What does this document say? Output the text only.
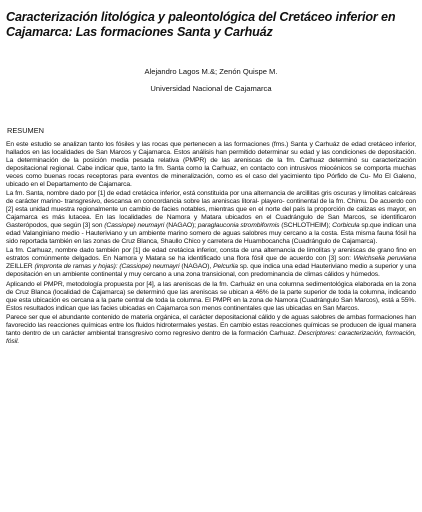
Caracterización litológica y paleontológica del Cretáceo inferior en Cajamarca: Las formaciones Santa y Carhuáz
Alejandro Lagos M.&; Zenón Quispe M.
Universidad Nacional de Cajamarca
RESUMEN

En este estudio se analizan tanto los fósiles y las rocas que pertenecen a las formaciones (fms.) Santa y Carhuáz de edad cretáceo inferior, hallados en las localidades de San Marcos y Cajamarca. Estos análisis han permitido determinar su edad y las condiciones de depositación. La determinación de la posición media pesada relativa (PMPR) de las areniscas de la fm. Carhuaz determinó su caracterización depositacional regional. Cabe indicar que, tanto la fm. Santa como la Carhuaz, en contacto con intrusivos miocénicos se comporta muchas veces como buenas rocas receptoras para eventos de mineralización, como es el caso del yacimiento tipo Pórfido de Cu- Mo El Galeno, ubicado en el Departamento de Cajamarca.

La fm. Santa, nombre dado por [1] de edad cretácica inferior, está constituida por una alternancia de arcillitas gris oscuras y limolitas calcáreas de carácter marino- transgresivo, descansa en concordancia sobre las areniscas litoral- playero- continental de la fm. Chimu. De acuerdo con [2] esta unidad muestra regionalmente un cambio de facies notables, mientras que en el norte del país la proporción de calizas es mayor, en Cajamarca es más lutacea. En las localidades de Namora y Matara ubicados en el Cuadrángulo de San Marcos, se identificaron Gasterópodos, que según [3] son (Cassiope) neumayri (NAGAO); paraglauconia strombiformis (SCHLOTHEIM); Corbicula sp.que indican una edad Valanginiano medio - Hauteriviano y un ambiente marino somero de aguas salobres muy cercano a la costa. Esta misma fauna fósil ha sido reportada también en las zonas de Cruz Blanca, Shaullo Chico y carretera de Huambocancha (Cuadrángulo de Cajamarca).

La fm. Carhuaz, nombre dado también por [1] de edad cretácica inferior, consta de una alternancia de limolitas y areniscas de grano fino en estratos comúnmente delgados. En Namora y Matara se ha identificado una flora fósil que de acuerdo con [3] son: Weichselia peruviana ZEILLER (impronta de ramas y hojas): (Cassiope) neumayri (NAGAO), Pelcurlia sp. que indica una edad Hauteriviano medio a superior y una depositación en un ambiente continental y muy cercano a una zona transicional, con predominancia de climas cálidos y húmedos.

Aplicando el PMPR, metodología propuesta por [4], a las areniscas de la fm. Carhuáz en una columna sedimentológica elaborada en la zona de Cruz Blanca (localidad de Cajamarca) se determinó que las areniscas se ubican a 46% de la parte superior de toda la columna, indicando que esta ubicación es cercana a la parte central de toda la columna. El PMPR en la zona de Namora (Cuadrángulo San Marcos), está a 55%. Estos resultados indican que las facies ubicadas en Cajamarca son menos continentales que las ubicadas en San Marcos.

Parece ser que el abundante contenido de materia orgánica, el carácter depositacional cálido y de aguas salobres de ambas formaciones han favorecido las reacciones químicas entre los fluidos hidrotermales yestas. En cambio estas reacciones químicas se producen de igual manera tanto dentro de un carácter ambiental transgresivo como regresivo dentro de la formación Carhuaz. Descriptores: caracterización, formación, fósil.
